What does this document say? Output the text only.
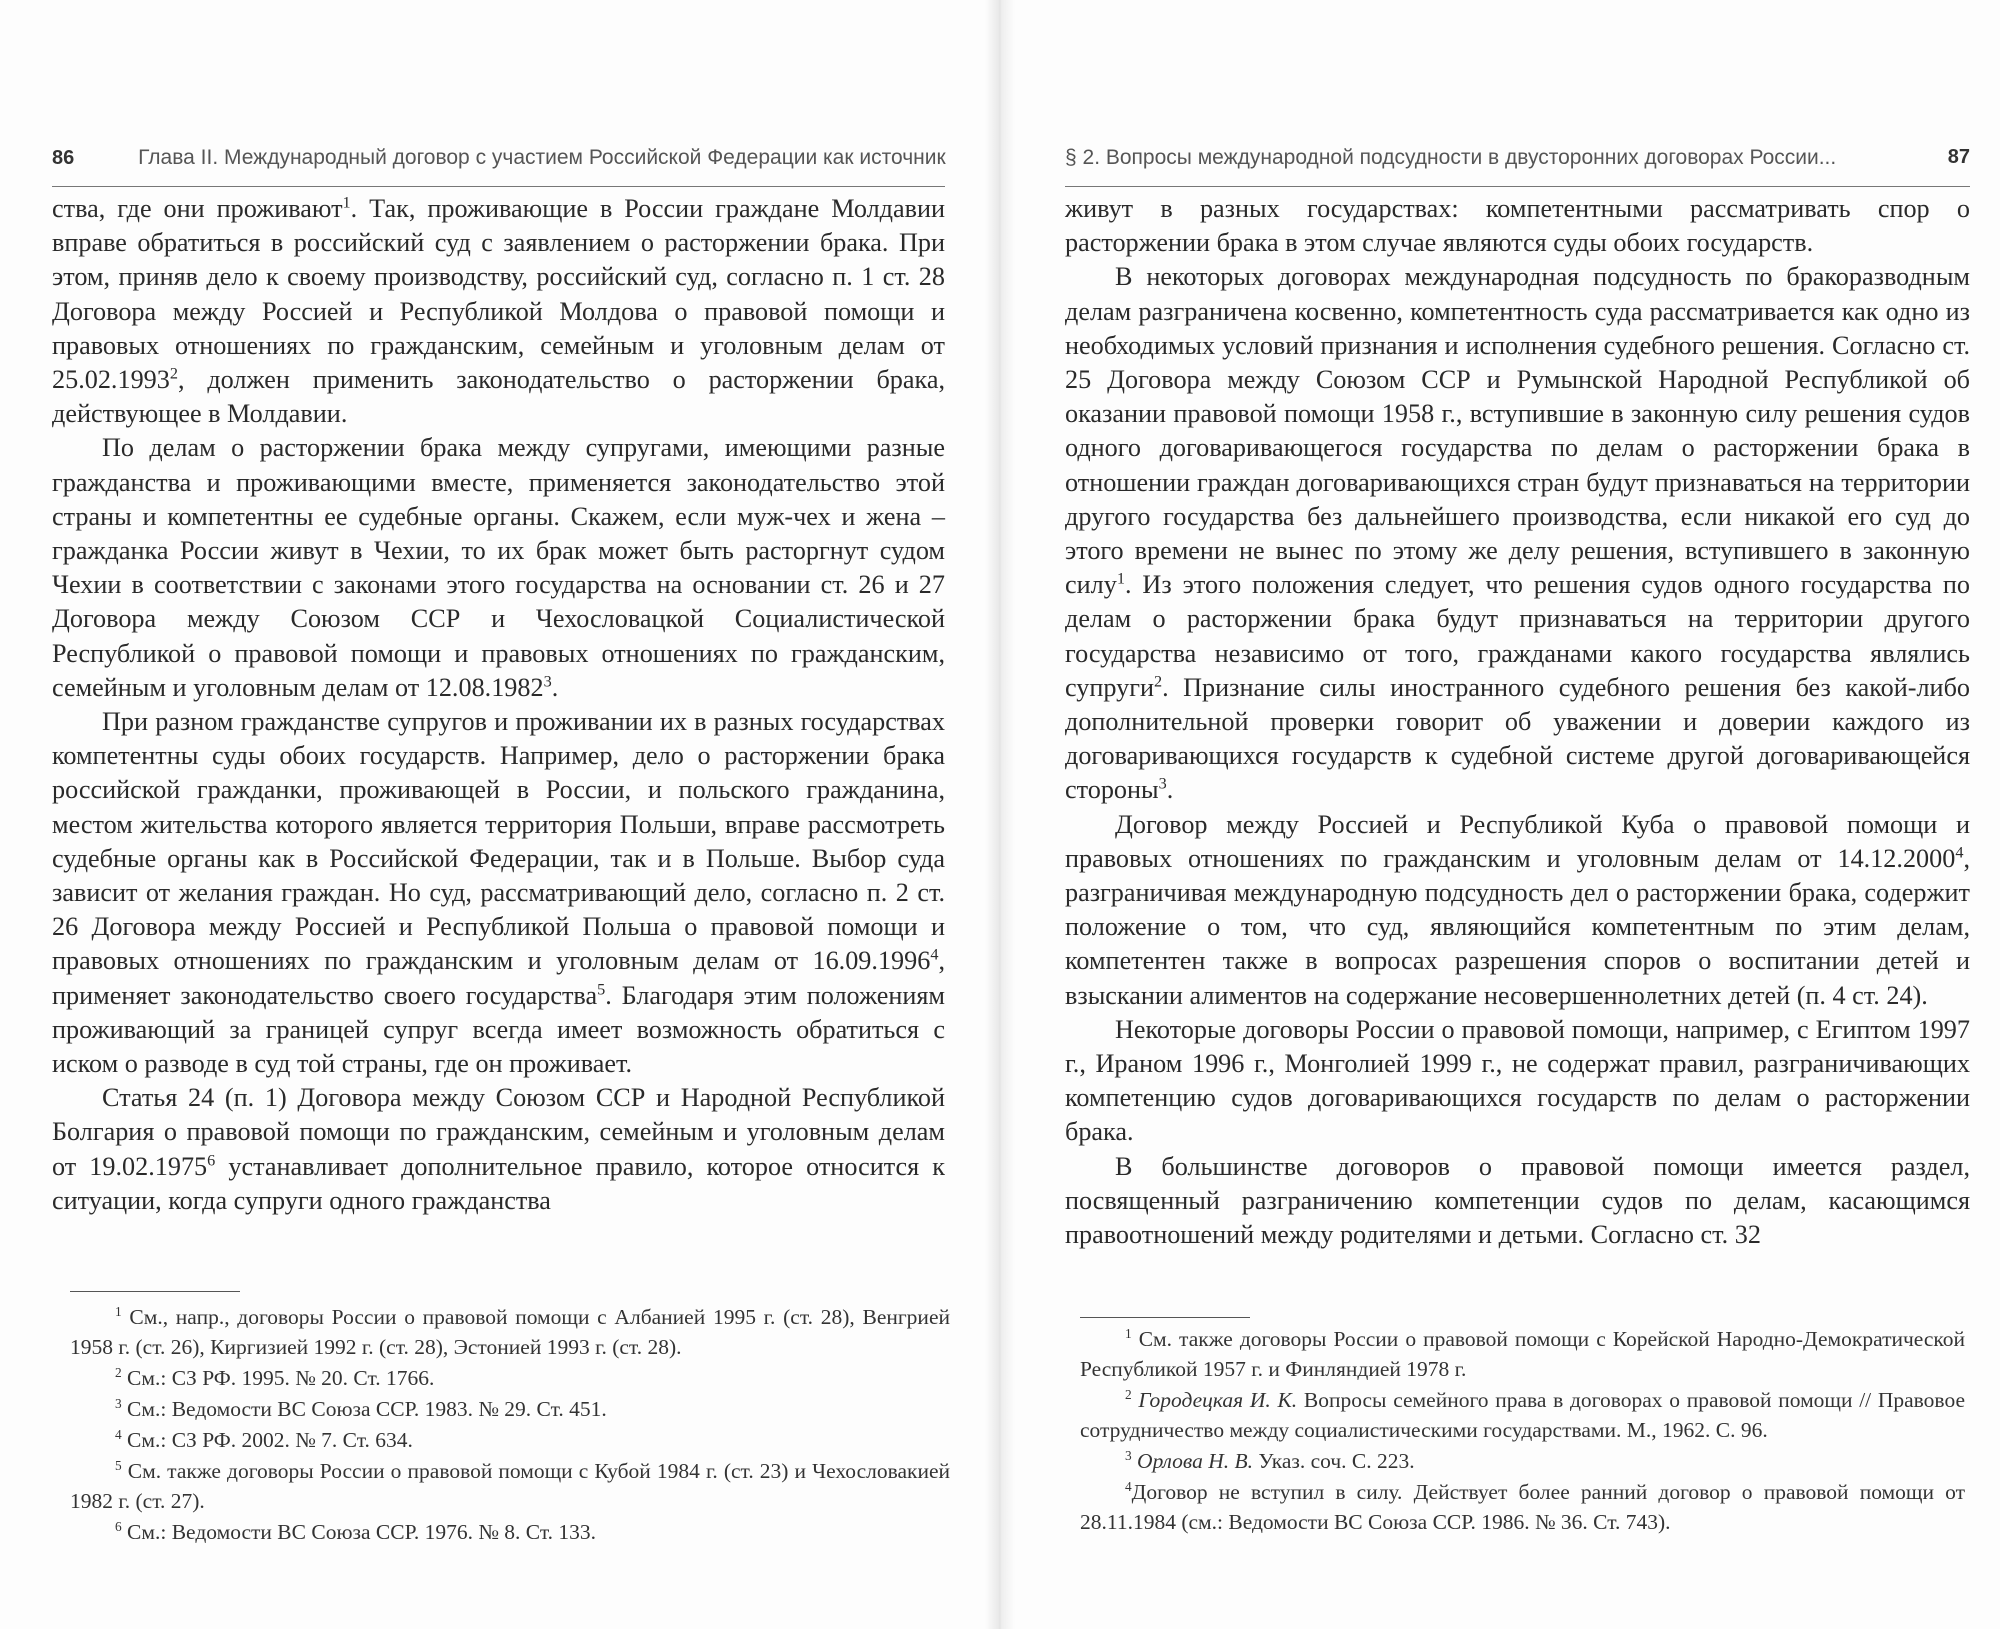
86	Глава II. Международный договор с участием Российской Федерации как источник

ства, где они проживают$^1$. Так, проживающие в России граждане Молдавии вправе обратиться в российский суд с заявлением о расторжении брака. При этом, приняв дело к своему производству, российский суд, согласно п. 1 ст. 28 Договора между Россией и Республикой Молдова о правовой помощи и правовых отношениях по гражданским, семейным и уголовным делам от 25.02.1993$^2$, должен применить законодательство о расторжении брака, действующее в Молдавии.

По делам о расторжении брака между супругами, имеющими разные гражданства и проживающими вместе, применяется законодательство этой страны и компетентны ее судебные органы. Скажем, если муж-чех и жена – гражданка России живут в Чехии, то их брак может быть расторгнут судом Чехии в соответствии с законами этого государства на основании ст. 26 и 27 Договора между Союзом ССР и Чехословацкой Социалистической Республикой о правовой помощи и правовых отношениях по гражданским, семейным и уголовным делам от 12.08.1982$^3$.

При разном гражданстве супругов и проживании их в разных государствах компетентны суды обоих государств. Например, дело о расторжении брака российской гражданки, проживающей в России, и польского гражданина, местом жительства которого является территория Польши, вправе рассмотреть судебные органы как в Российской Федерации, так и в Польше. Выбор суда зависит от желания граждан. Но суд, рассматривающий дело, согласно п. 2 ст. 26 Договора между Россией и Республикой Польша о правовой помощи и правовых отношениях по гражданским и уголовным делам от 16.09.1996$^4$, применяет законодательство своего государства$^5$. Благодаря этим положениям проживающий за границей супруг всегда имеет возможность обратиться с иском о разводе в суд той страны, где он проживает.

Статья 24 (п. 1) Договора между Союзом ССР и Народной Республикой Болгария о правовой помощи по гражданским, семейным и уголовным делам от 19.02.1975$^6$ устанавливает дополнительное правило, которое относится к ситуации, когда супруги одного гражданства

$^1$ См., напр., договоры России о правовой помощи с Албанией 1995 г. (ст. 28), Венгрией 1958 г. (ст. 26), Киргизией 1992 г. (ст. 28), Эстонией 1993 г. (ст. 28).

$^2$ См.: СЗ РФ. 1995. № 20. Ст. 1766.

$^3$ См.: Ведомости ВС Союза ССР. 1983. № 29. Ст. 451.

$^4$ См.: СЗ РФ. 2002. № 7. Ст. 634.

$^5$ См. также договоры России о правовой помощи с Кубой 1984 г. (ст. 23) и Чехословакией 1982 г. (ст. 27).

$^6$ См.: Ведомости ВС Союза ССР. 1976. № 8. Ст. 133.

§ 2. Вопросы международной подсудности в двусторонних договорах России...	87

живут в разных государствах: компетентными рассматривать спор о расторжении брака в этом случае являются суды обоих государств.

В некоторых договорах международная подсудность по бракоразводным делам разграничена косвенно, компетентность суда рассматривается как одно из необходимых условий признания и исполнения судебного решения. Согласно ст. 25 Договора между Союзом ССР и Румынской Народной Республикой об оказании правовой помощи 1958 г., вступившие в законную силу решения судов одного договаривающегося государства по делам о расторжении брака в отношении граждан договаривающихся стран будут признаваться на территории другого государства без дальнейшего производства, если никакой его суд до этого времени не вынес по этому же делу решения, вступившего в законную силу$^1$. Из этого положения следует, что решения судов одного государства по делам о расторжении брака будут признаваться на территории другого государства независимо от того, гражданами какого государства являлись супруги$^2$. Признание силы иностранного судебного решения без какой-либо дополнительной проверки говорит об уважении и доверии каждого из договаривающихся государств к судебной системе другой договаривающейся стороны$^3$.

Договор между Россией и Республикой Куба о правовой помощи и правовых отношениях по гражданским и уголовным делам от 14.12.2000$^4$, разграничивая международную подсудность дел о расторжении брака, содержит положение о том, что суд, являющийся компетентным по этим делам, компетентен также в вопросах разрешения споров о воспитании детей и взыскании алиментов на содержание несовершеннолетних детей (п. 4 ст. 24).

Некоторые договоры России о правовой помощи, например, с Египтом 1997 г., Ираном 1996 г., Монголией 1999 г., не содержат правил, разграничивающих компетенцию судов договаривающихся государств по делам о расторжении брака.

В большинстве договоров о правовой помощи имеется раздел, посвященный разграничению компетенции судов по делам, касающимся правоотношений между родителями и детьми. Согласно ст. 32

$^1$ См. также договоры России о правовой помощи с Корейской Народно-Демократической Республикой 1957 г. и Финляндией 1978 г.

$^2$ Городецкая И. К. Вопросы семейного права в договорах о правовой помощи // Правовое сотрудничество между социалистическими государствами. М., 1962. С. 96.

$^3$ Орлова Н. В. Указ. соч. С. 223.

$^4$Договор не вступил в силу. Действует более ранний договор о правовой помощи от 28.11.1984 (см.: Ведомости ВС Союза ССР. 1986. № 36. Ст. 743).
